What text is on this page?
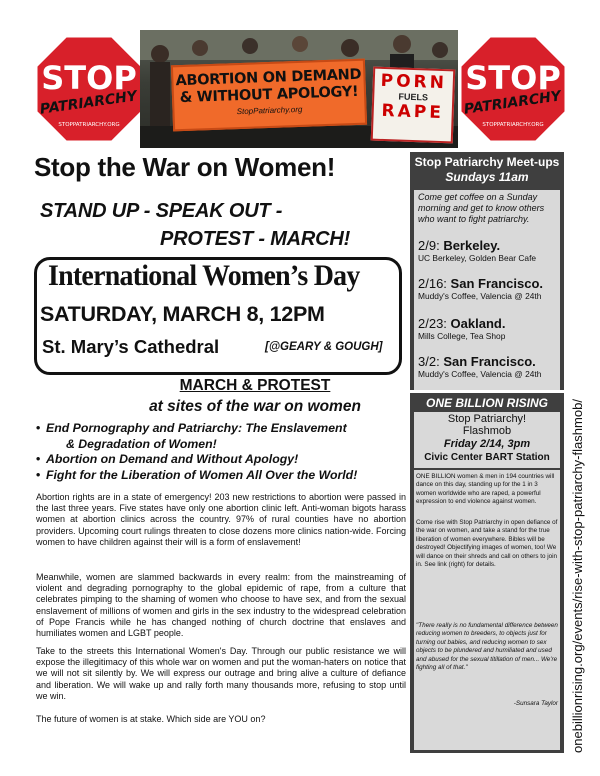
STOP
PATRIARCHY
STOPPATRIARCHY.ORG
ABORTION ON DEMAND
& WITHOUT APOLOGY!
StopPatriarchy.org
PORN
FUELS
RAPE
STOP
PATRIARCHY
STOPPATRIARCHY.ORG
Stop the War on Women!
STAND UP - SPEAK OUT -
PROTEST - MARCH!
International Women’s Day
SATURDAY, MARCH 8, 12PM
St. Mary’s Cathedral	[@GEARY & GOUGH]
MARCH & PROTEST
at sites of the war on women
• End Pornography and Patriarchy: The Enslavement
& Degradation of Women!
• Abortion on Demand and Without Apology!
• Fight for the Liberation of Women All Over the World!
Abortion rights are in a state of emergency! 203 new restrictions to abortion were passed in the last three years. Five states have only one abortion clinic left. Anti-woman bigots harass women at abortion clinics across the country. 97% of rural counties have no abortion providers. Upcoming court rulings threaten to close dozens more clinics nation-wide. Forcing women to have children against their will is a form of enslavement!
Meanwhile, women are slammed backwards in every realm: from the mainstreaming of violent and degrading pornography to the global epidemic of rape, from a culture that celebrates pimping to the shaming of women who choose to have sex, and from the sexual enslavement of millions of women and girls in the sex industry to the widespread celebration of Pope Francis while he has changed nothing of church doctrine that enslaves and humiliates women and LGBT people.
Take to the streets this International Women's Day. Through our public resistance we will expose the illegitimacy of this whole war on women and put the woman-haters on notice that we will not sit silently by. We will express our outrage and bring alive a culture of defiance and liberation. We will wake up and rally forth many thousands more, refusing to stop until we win.
The future of women is at stake. Which side are YOU on?
Stop Patriarchy Meet-ups
Sundays 11am
Come get coffee on a Sunday morning and get to know others who want to fight patriarchy.
2/9: Berkeley.
UC Berkeley, Golden Bear Cafe
2/16: San Francisco.
Muddy's Coffee, Valencia @ 24th
2/23: Oakland.
Mills College, Tea Shop
3/2: San Francisco.
Muddy's Coffee, Valencia @ 24th
ONE BILLION RISING
Stop Patriarchy!
Flashmob
Friday 2/14, 3pm
Civic Center BART Station
ONE BILLION women & men in 194 countries will dance on this day, standing up for the 1 in 3 women worldwide who are raped, a powerful expression to end violence against women.
Come rise with Stop Patriarchy in open defiance of the war on women, and take a stand for the true liberation of women everywhere. Bibles will be destroyed! Objectifying images of women, too! We will dance on their shreds and call on others to join in. See link (right) for details.
"There really is no fundamental difference between reducing women to breeders, to objects just for turning out babies, and reducing women to sex objects to be plundered and humiliated and used and abused for the sexual titillation of men... We're fighting all of that."
-Sunsara Taylor	onebillionrising.org/events/rise-with-stop-patriarchy-flashmob/
